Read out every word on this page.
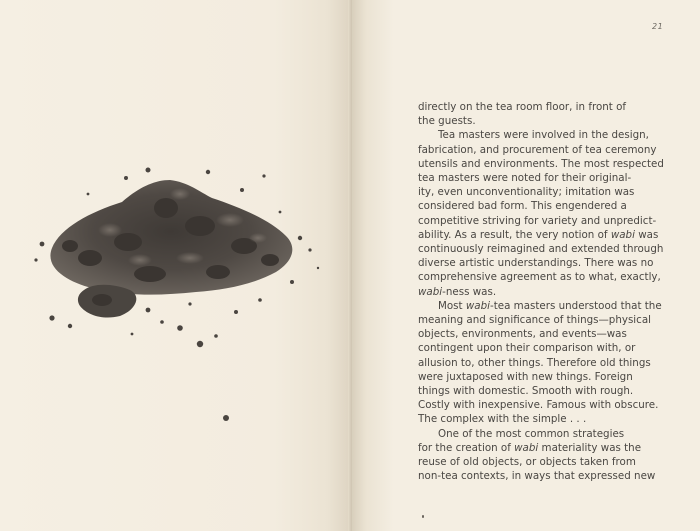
21
directly on the tea room floor, in front of
the guests.
Tea masters were involved in the design,
fabrication, and procurement of tea ceremony
utensils and environments. The most respected
tea masters were noted for their original-
ity, even unconventionality; imitation was
considered bad form. This engendered a
competitive striving for variety and unpredict-
ability. As a result, the very notion of wabi was
continuously reimagined and extended through
diverse artistic understandings. There was no
comprehensive agreement as to what, exactly,
wabi-ness was.
Most wabi-tea masters understood that the
meaning and significance of things—physical
objects, environments, and events—was
contingent upon their comparison with, or
allusion to, other things. Therefore old things
were juxtaposed with new things. Foreign
things with domestic. Smooth with rough.
Costly with inexpensive. Famous with obscure.
The complex with the simple . . .
One of the most common strategies
for the creation of wabi materiality was the
reuse of old objects, or objects taken from
non-tea contexts, in ways that expressed new
